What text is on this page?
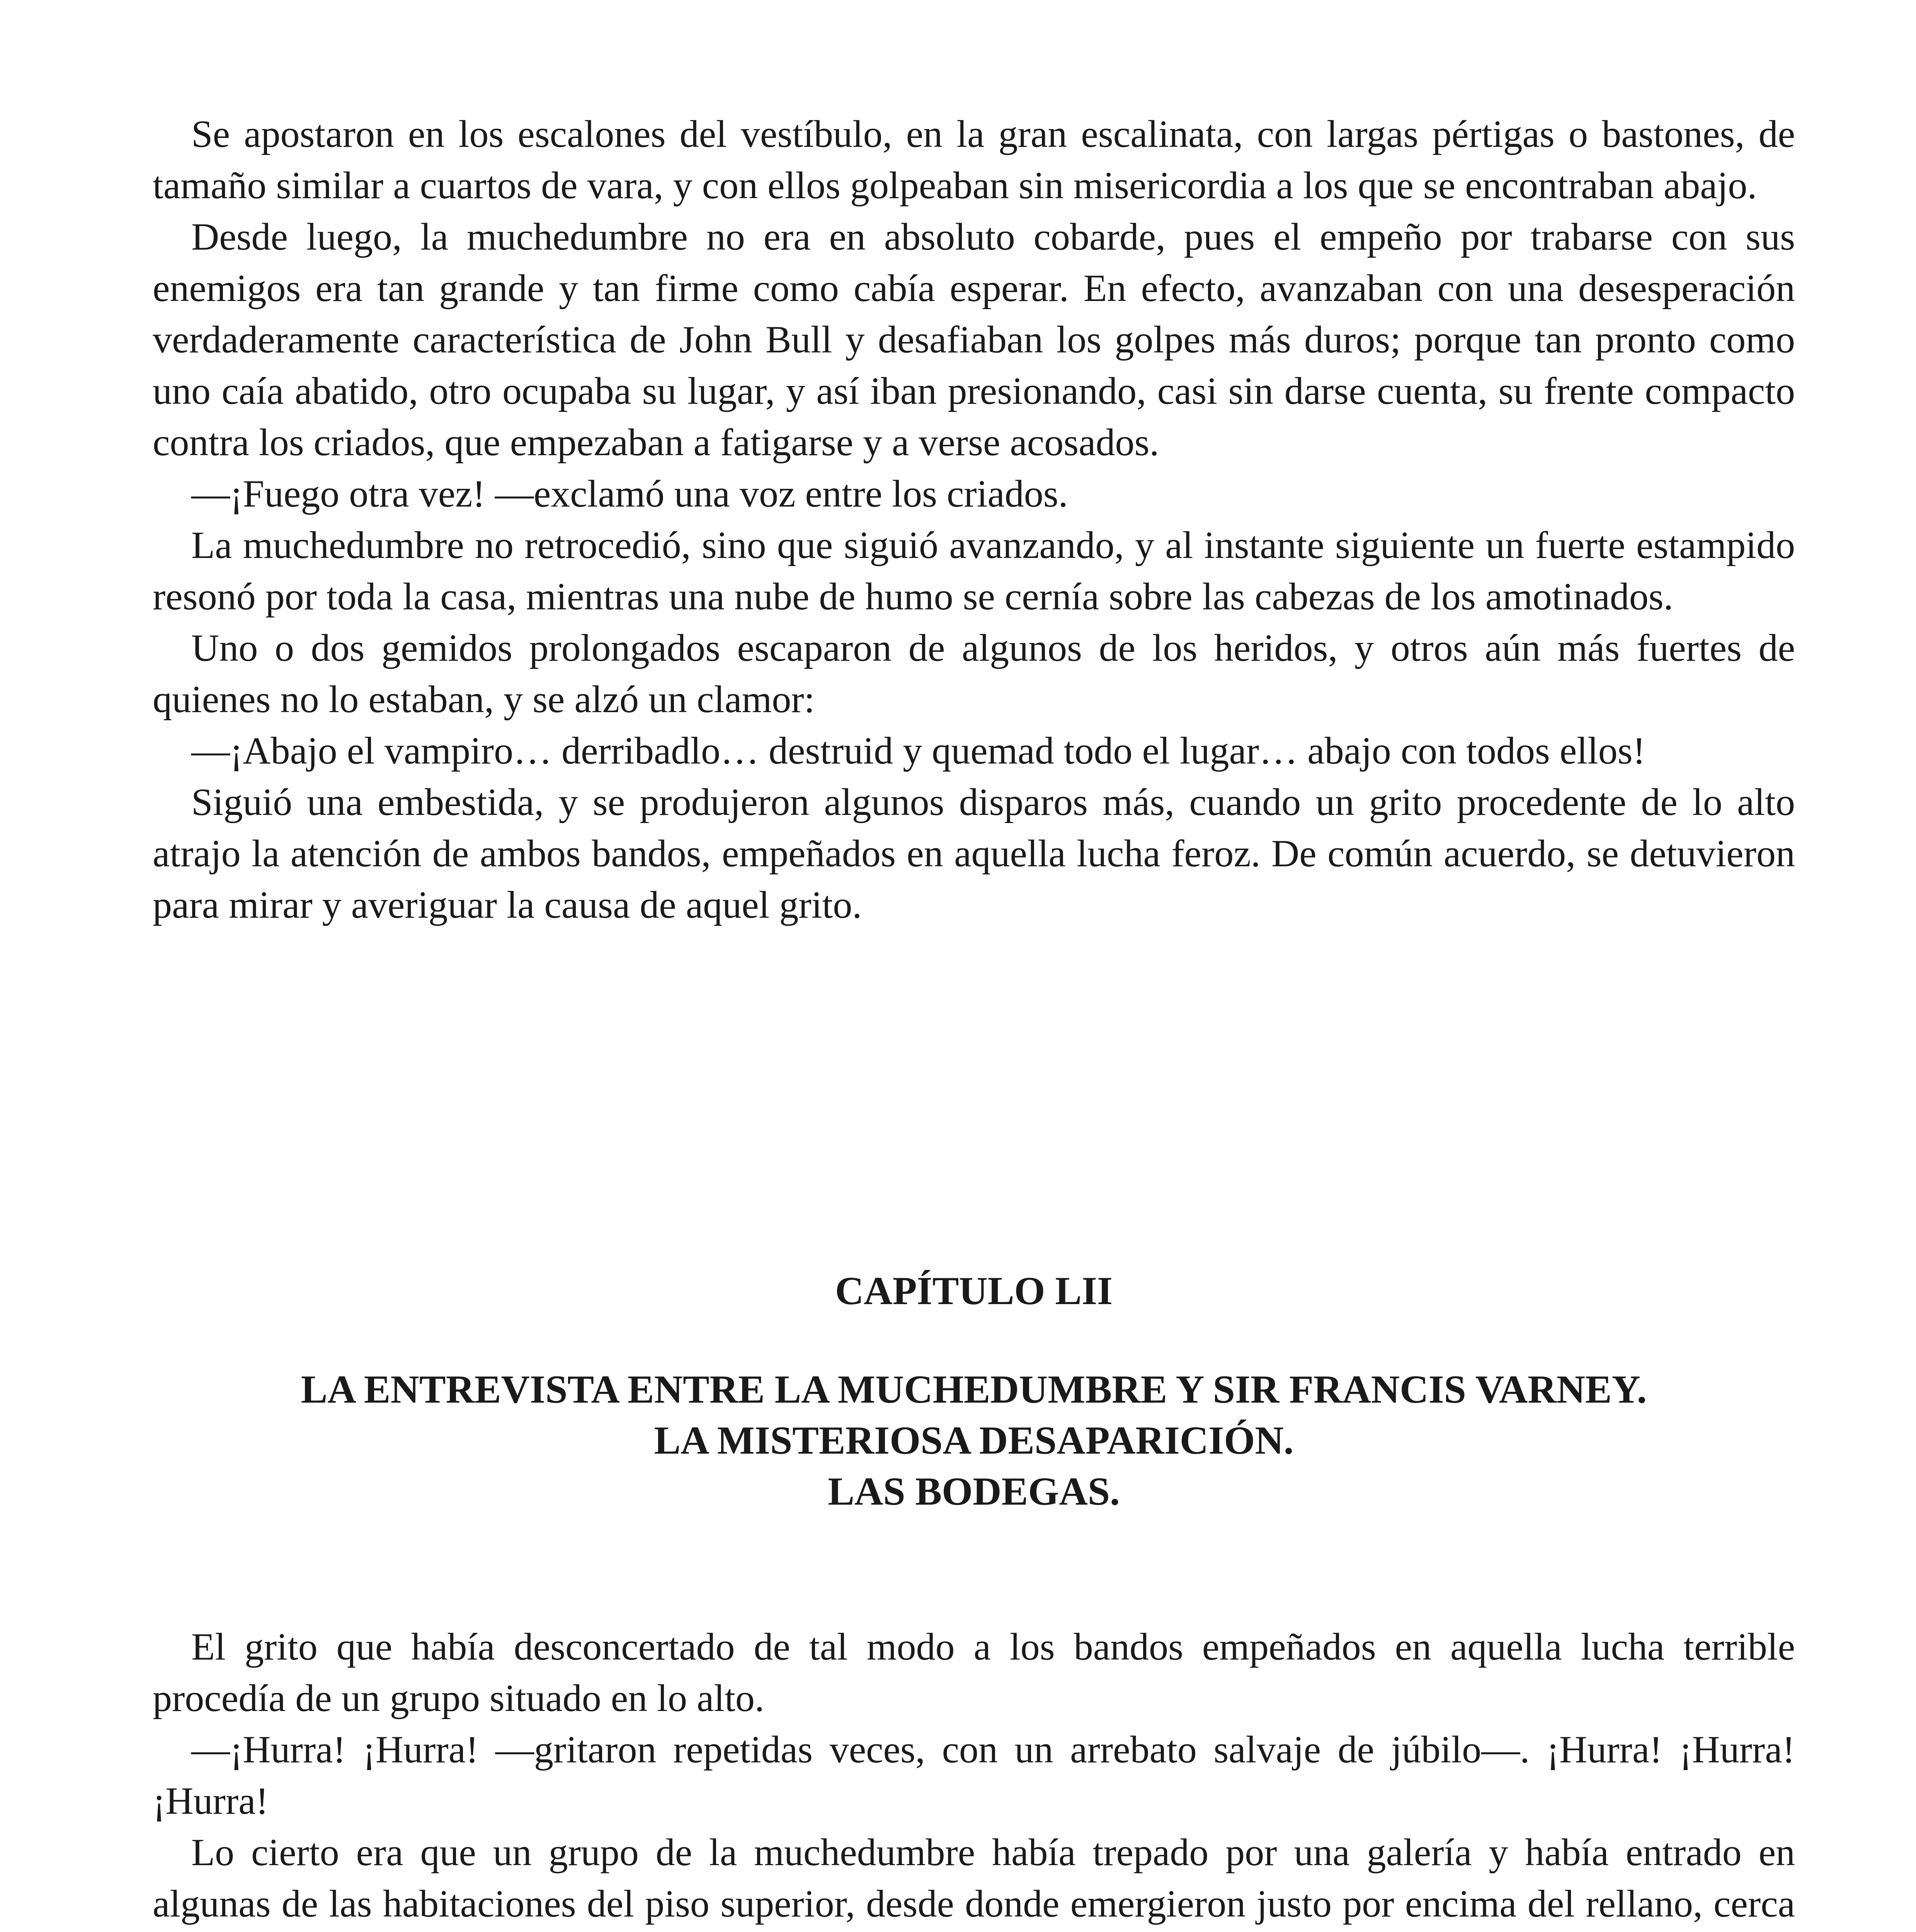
Se apostaron en los escalones del vestíbulo, en la gran escalinata, con largas pértigas o bastones, de tamaño similar a cuartos de vara, y con ellos golpeaban sin misericordia a los que se encontraban abajo.

Desde luego, la muchedumbre no era en absoluto cobarde, pues el empeño por trabarse con sus enemigos era tan grande y tan firme como cabía esperar. En efecto, avanzaban con una desesperación verdaderamente característica de John Bull y desafiaban los golpes más duros; porque tan pronto como uno caía abatido, otro ocupaba su lugar, y así iban presionando, casi sin darse cuenta, su frente compacto contra los criados, que empezaban a fatigarse y a verse acosados.

—¡Fuego otra vez! —exclamó una voz entre los criados.

La muchedumbre no retrocedió, sino que siguió avanzando, y al instante siguiente un fuerte estampido resonó por toda la casa, mientras una nube de humo se cernía sobre las cabezas de los amotinados.

Uno o dos gemidos prolongados escaparon de algunos de los heridos, y otros aún más fuertes de quienes no lo estaban, y se alzó un clamor:

—¡Abajo el vampiro… derribadlo… destruid y quemad todo el lugar… abajo con todos ellos!

Siguió una embestida, y se produjeron algunos disparos más, cuando un grito procedente de lo alto atrajo la atención de ambos bandos, empeñados en aquella lucha feroz. De común acuerdo, se detuvieron para mirar y averiguar la causa de aquel grito.

CAPÍTULO LII
LA ENTREVISTA ENTRE LA MUCHEDUMBRE Y SIR FRANCIS VARNEY.
LA MISTERIOSA DESAPARICIÓN.
LAS BODEGAS.

El grito que había desconcertado de tal modo a los bandos empeñados en aquella lucha terrible procedía de un grupo situado en lo alto.

—¡Hurra! ¡Hurra! —gritaron repetidas veces, con un arrebato salvaje de júbilo—. ¡Hurra! ¡Hurra! ¡Hurra!

Lo cierto era que un grupo de la muchedumbre había trepado por una galería y había entrado en algunas de las habitaciones del piso superior, desde donde emergieron justo por encima del rellano, cerca
